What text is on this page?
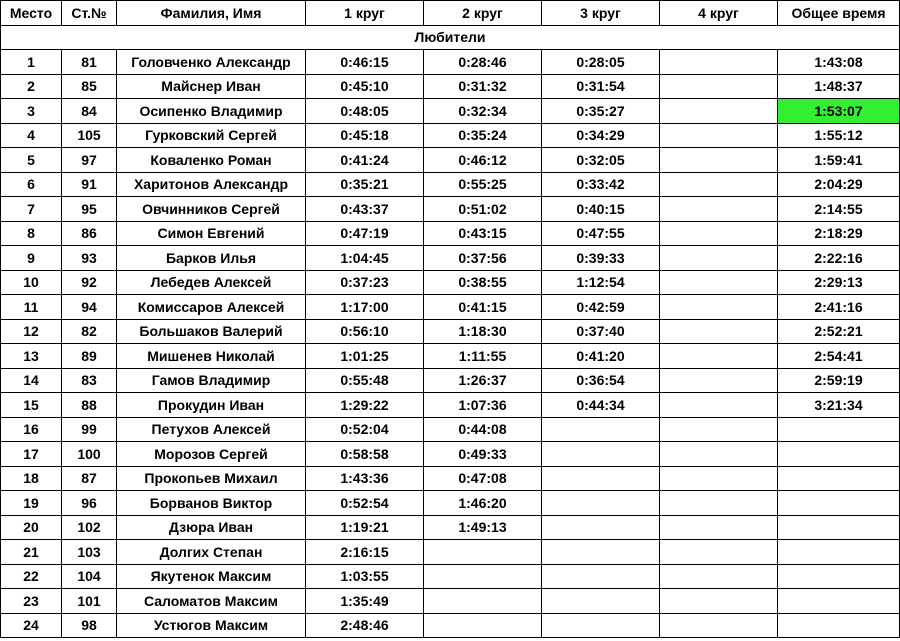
Место	Ст.№	Фамилия, Имя	1 круг	2 круг	3 круг	4 круг	Общее время
Любители							
1	81	Головченко Александр	0:46:15	0:28:46	0:28:05		1:43:08
2	85	Майснер Иван	0:45:10	0:31:32	0:31:54		1:48:37
3	84	Осипенко Владимир	0:48:05	0:32:34	0:35:27		1:53:07
4	105	Гурковский Сергей	0:45:18	0:35:24	0:34:29		1:55:12
5	97	Коваленко Роман	0:41:24	0:46:12	0:32:05		1:59:41
6	91	Харитонов Александр	0:35:21	0:55:25	0:33:42		2:04:29
7	95	Овчинников Сергей	0:43:37	0:51:02	0:40:15		2:14:55
8	86	Симон Евгений	0:47:19	0:43:15	0:47:55		2:18:29
9	93	Барков Илья	1:04:45	0:37:56	0:39:33		2:22:16
10	92	Лебедев Алексей	0:37:23	0:38:55	1:12:54		2:29:13
11	94	Комиссаров Алексей	1:17:00	0:41:15	0:42:59		2:41:16
12	82	Большаков Валерий	0:56:10	1:18:30	0:37:40		2:52:21
13	89	Мишенев Николай	1:01:25	1:11:55	0:41:20		2:54:41
14	83	Гамов Владимир	0:55:48	1:26:37	0:36:54		2:59:19
15	88	Прокудин Иван	1:29:22	1:07:36	0:44:34		3:21:34
16	99	Петухов Алексей	0:52:04	0:44:08			
17	100	Морозов Сергей	0:58:58	0:49:33			
18	87	Прокопьев Михаил	1:43:36	0:47:08			
19	96	Борванов Виктор	0:52:54	1:46:20			
20	102	Дзюра Иван	1:19:21	1:49:13			
21	103	Долгих Степан	2:16:15				
22	104	Якутенок Максим	1:03:55				
23	101	Саломатов Максим	1:35:49				
24	98	Устюгов Максим	2:48:46				
